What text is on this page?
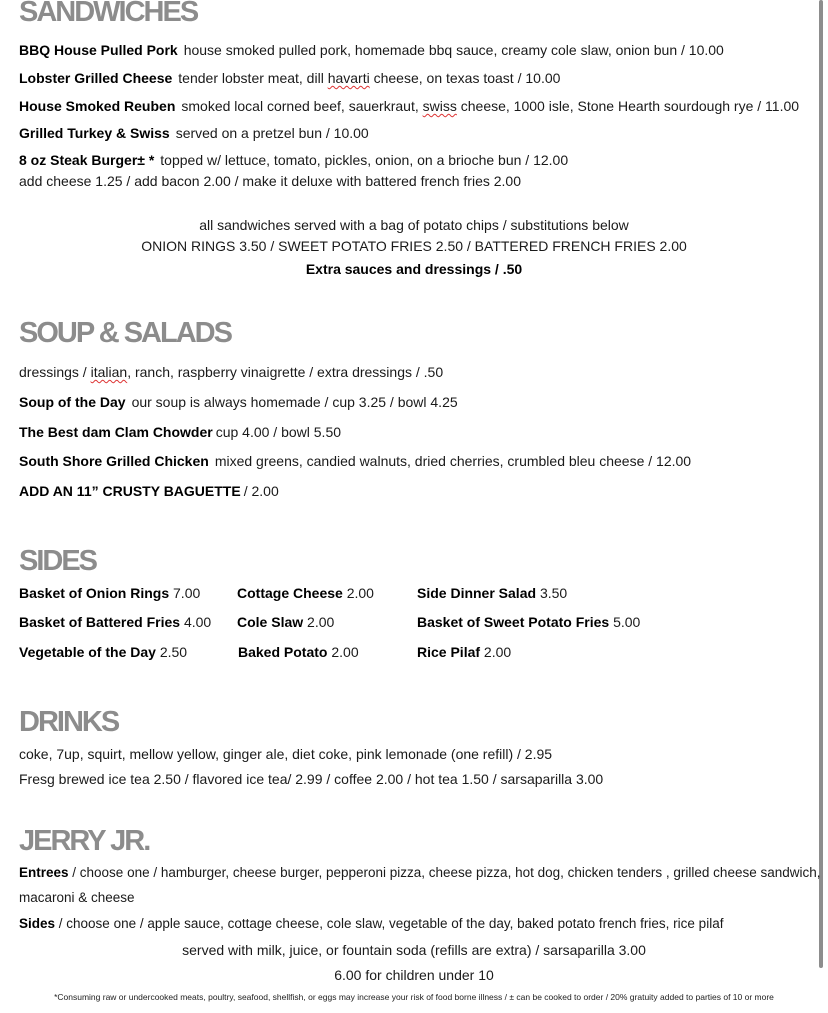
SANDWICHES
BBQ House Pulled Pork house smoked pulled pork, homemade bbq sauce, creamy cole slaw, onion bun / 10.00
Lobster Grilled Cheese tender lobster meat, dill havarti cheese, on texas toast / 10.00
House Smoked Reuben smoked local corned beef, sauerkraut, swiss cheese, 1000 isle, Stone Hearth sourdough rye / 11.00
Grilled Turkey & Swiss served on a pretzel bun / 10.00
8 oz Steak Burger± * topped w/ lettuce, tomato, pickles, onion, on a brioche bun / 12.00
add cheese 1.25 / add bacon 2.00 / make it deluxe with battered french fries 2.00
all sandwiches served with a bag of potato chips / substitutions below
ONION RINGS 3.50 / SWEET POTATO FRIES 2.50 / BATTERED FRENCH FRIES 2.00
Extra sauces and dressings / .50
SOUP & SALADS
dressings / italian, ranch, raspberry vinaigrette / extra dressings / .50
Soup of the Day our soup is always homemade / cup 3.25 / bowl 4.25
The Best dam Clam Chowder cup 4.00 / bowl 5.50
South Shore Grilled Chicken mixed greens, candied walnuts, dried cherries, crumbled bleu cheese / 12.00
ADD AN 11” CRUSTY BAGUETTE / 2.00
SIDES
Basket of Onion Rings 7.00	Cottage Cheese 2.00	Side Dinner Salad 3.50
Basket of Battered Fries 4.00 Cole Slaw 2.00	Basket of Sweet Potato Fries 5.00
Vegetable of the Day 2.50	Baked Potato 2.00	Rice Pilaf 2.00
DRINKS
coke, 7up, squirt, mellow yellow, ginger ale, diet coke, pink lemonade (one refill) / 2.95
Fresg brewed ice tea 2.50 / flavored ice tea/ 2.99 / coffee 2.00 / hot tea 1.50 / sarsaparilla 3.00
JERRY JR.
Entrees / choose one / hamburger, cheese burger, pepperoni pizza, cheese pizza, hot dog, chicken tenders , grilled cheese sandwich,
macaroni & cheese
Sides / choose one / apple sauce, cottage cheese, cole slaw, vegetable of the day, baked potato french fries, rice pilaf
served with milk, juice, or fountain soda (refills are extra) / sarsaparilla 3.00
6.00 for children under 10
*Consuming raw or undercooked meats, poultry, seafood, shellfish, or eggs may increase your risk of food borne illness / ± can be cooked to order / 20% gratuity added to parties of 10 or more
